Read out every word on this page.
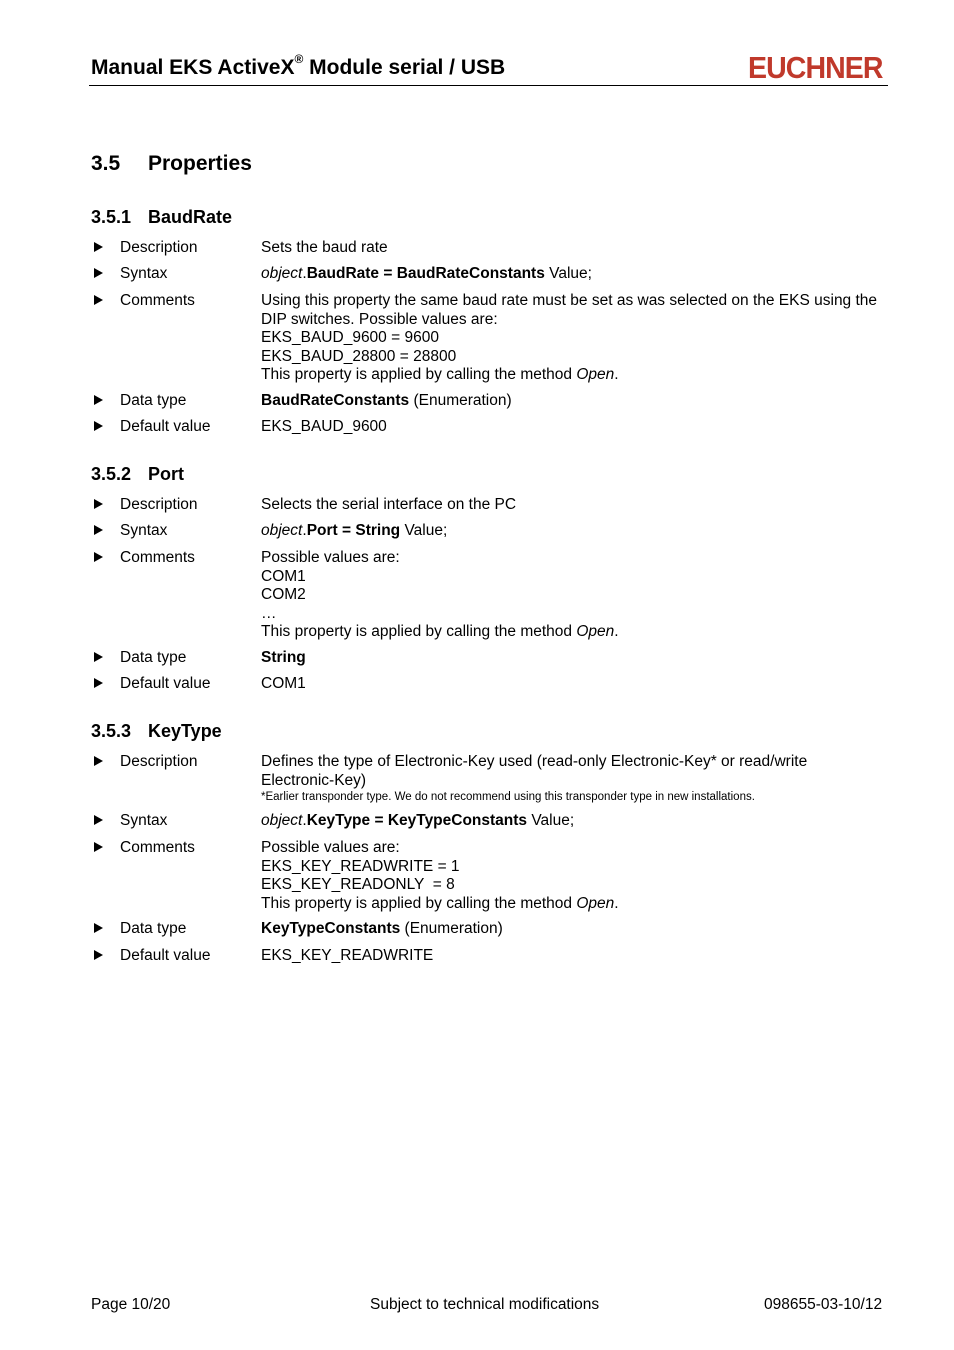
Manual EKS ActiveX® Module serial / USB	EUCHNER
3.5 Properties
3.5.1 BaudRate
Description	Sets the baud rate
Syntax	object.BaudRate = BaudRateConstants Value;
Comments	Using this property the same baud rate must be set as was selected on the EKS using the DIP switches. Possible values are:
EKS_BAUD_9600 = 9600
EKS_BAUD_28800 = 28800
This property is applied by calling the method Open.
Data type	BaudRateConstants (Enumeration)
Default value	EKS_BAUD_9600
3.5.2 Port
Description	Selects the serial interface on the PC
Syntax	object.Port = String Value;
Comments	Possible values are:
COM1
COM2
…
This property is applied by calling the method Open.
Data type	String
Default value	COM1
3.5.3 KeyType
Description	Defines the type of Electronic-Key used (read-only Electronic-Key* or read/write Electronic-Key)
*Earlier transponder type. We do not recommend using this transponder type in new installations.
Syntax	object.KeyType = KeyTypeConstants Value;
Comments	Possible values are:
EKS_KEY_READWRITE = 1
EKS_KEY_READONLY  = 8
This property is applied by calling the method Open.
Data type	KeyTypeConstants (Enumeration)
Default value	EKS_KEY_READWRITE
Page 10/20	Subject to technical modifications	098655-03-10/12
